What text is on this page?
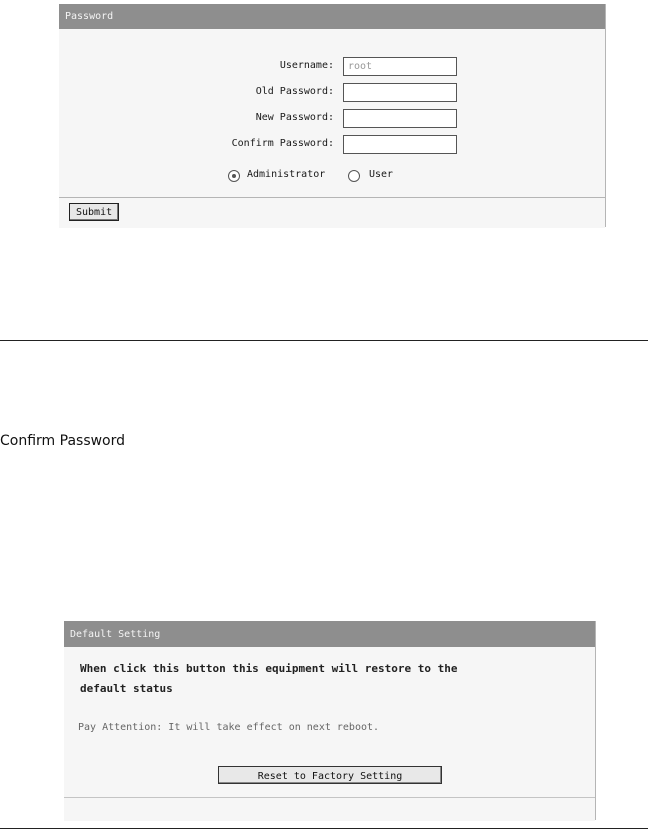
Password
Username:
root
Old Password:
New Password:
Confirm Password:
Administrator	User
Submit
Confirm Password
Default Setting
When click this button this equipment will restore to the
default status
Pay Attention: It will take effect on next reboot.
Reset to Factory Setting
